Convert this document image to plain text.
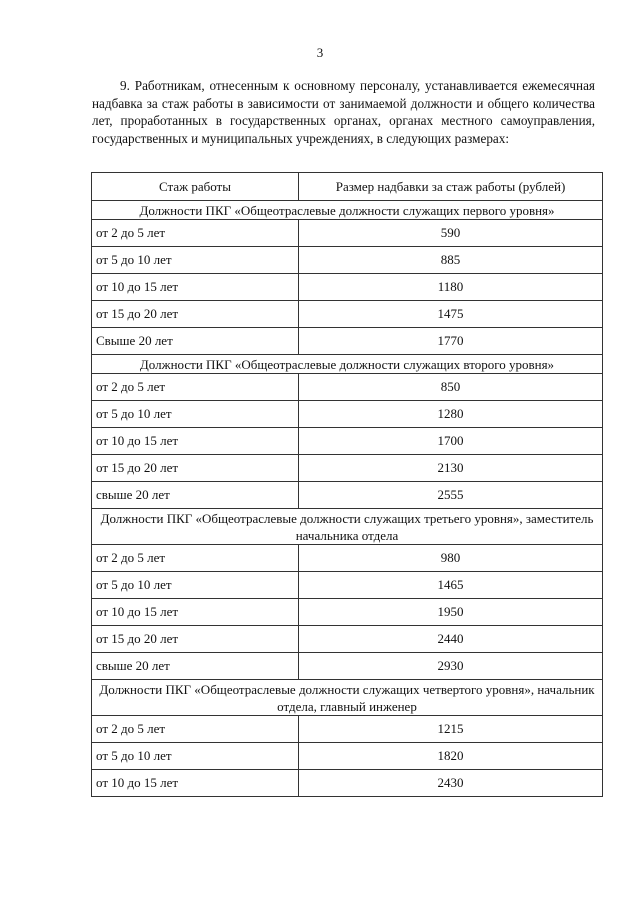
3

9. Работникам, отнесенным к основному персоналу, устанавливается ежемесячная надбавка за стаж работы в зависимости от занимаемой должности и общего количества лет, проработанных в государственных органах, органах местного самоуправления, государственных и муниципальных учреждениях, в следующих размерах:

Стаж работы	Размер надбавки за стаж работы (рублей)
Должности ПКГ «Общеотраслевые должности служащих первого уровня»	
от 2 до 5 лет	590
от 5 до 10 лет	885
от 10 до 15 лет	1180
от 15 до 20 лет	1475
Свыше 20 лет	1770
Должности ПКГ «Общеотраслевые должности служащих второго уровня»	
от 2 до 5 лет	850
от 5 до 10 лет	1280
от 10 до 15 лет	1700
от 15 до 20 лет	2130
свыше 20 лет	2555
Должности ПКГ «Общеотраслевые должности служащих третьего уровня», заместитель начальника отдела	
от 2 до 5 лет	980
от 5 до 10 лет	1465
от 10 до 15 лет	1950
от 15 до 20 лет	2440
свыше 20 лет	2930
Должности ПКГ «Общеотраслевые должности служащих четвертого уровня», начальник отдела, главный инженер	
от 2 до 5 лет	1215
от 5 до 10 лет	1820
от 10 до 15 лет	2430
